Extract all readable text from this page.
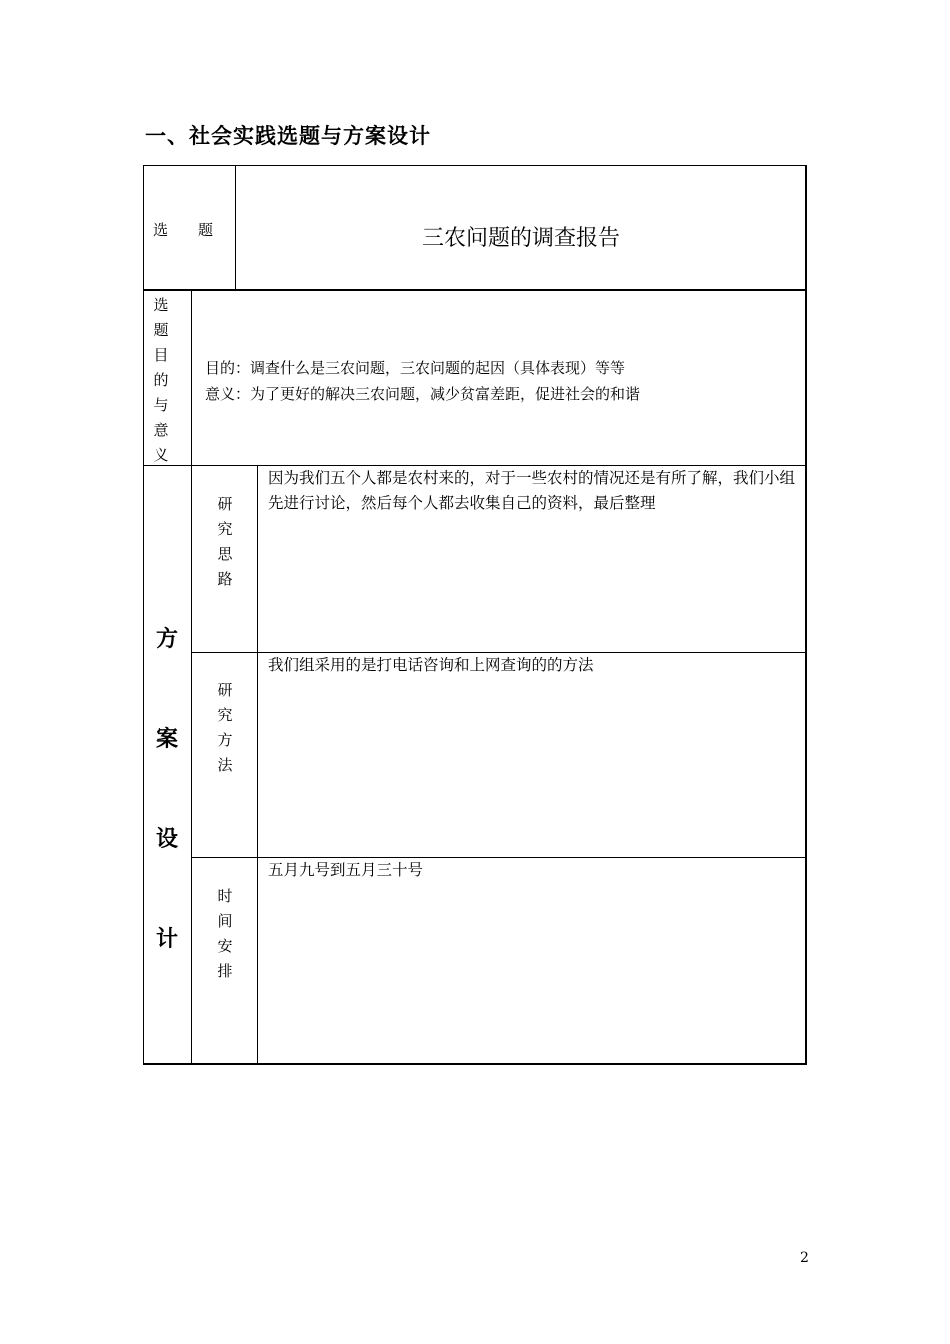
一、社会实践选题与方案设计
选 题	三农问题的调查报告
选
题
目
的
与
意
义
目的：调查什么是三农问题，三农问题的起因（具体表现）等等
意义：为了更好的解决三农问题，减少贫富差距，促进社会的和谐
方
案
设
计
研
究
思
路
因为我们五个人都是农村来的，对于一些农村的情况还是有所了解，我们小组先进行讨论，然后每个人都去收集自己的资料，最后整理
研
究
方
法
我们组采用的是打电话咨询和上网查询的的方法
时
间
安
排
五月九号到五月三十号
2
